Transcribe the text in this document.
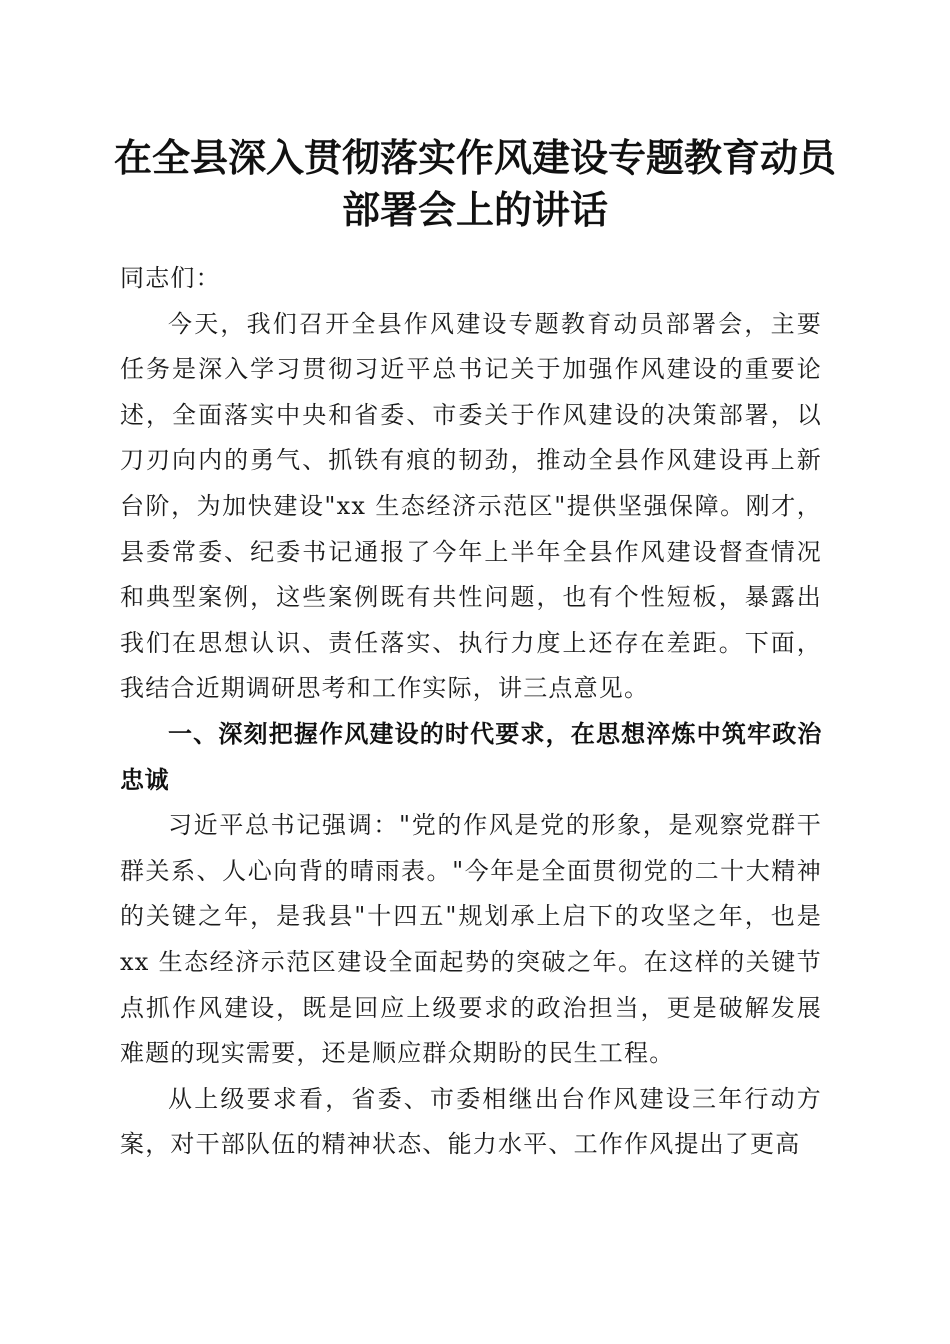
在全县深入贯彻落实作风建设专题教育动员部署会上的讲话

同志们：

今天，我们召开全县作风建设专题教育动员部署会，主要任务是深入学习贯彻习近平总书记关于加强作风建设的重要论述，全面落实中央和省委、市委关于作风建设的决策部署，以刀刃向内的勇气、抓铁有痕的韧劲，推动全县作风建设再上新台阶，为加快建设"xx 生态经济示范区"提供坚强保障。刚才，县委常委、纪委书记通报了今年上半年全县作风建设督查情况和典型案例，这些案例既有共性问题，也有个性短板，暴露出我们在思想认识、责任落实、执行力度上还存在差距。下面，我结合近期调研思考和工作实际，讲三点意见。

一、深刻把握作风建设的时代要求，在思想淬炼中筑牢政治忠诚

习近平总书记强调："党的作风是党的形象，是观察党群干群关系、人心向背的晴雨表。"今年是全面贯彻党的二十大精神的关键之年，是我县"十四五"规划承上启下的攻坚之年，也是xx 生态经济示范区建设全面起势的突破之年。在这样的关键节点抓作风建设，既是回应上级要求的政治担当，更是破解发展难题的现实需要，还是顺应群众期盼的民生工程。

从上级要求看，省委、市委相继出台作风建设三年行动方案，对干部队伍的精神状态、能力水平、工作作风提出了更高
